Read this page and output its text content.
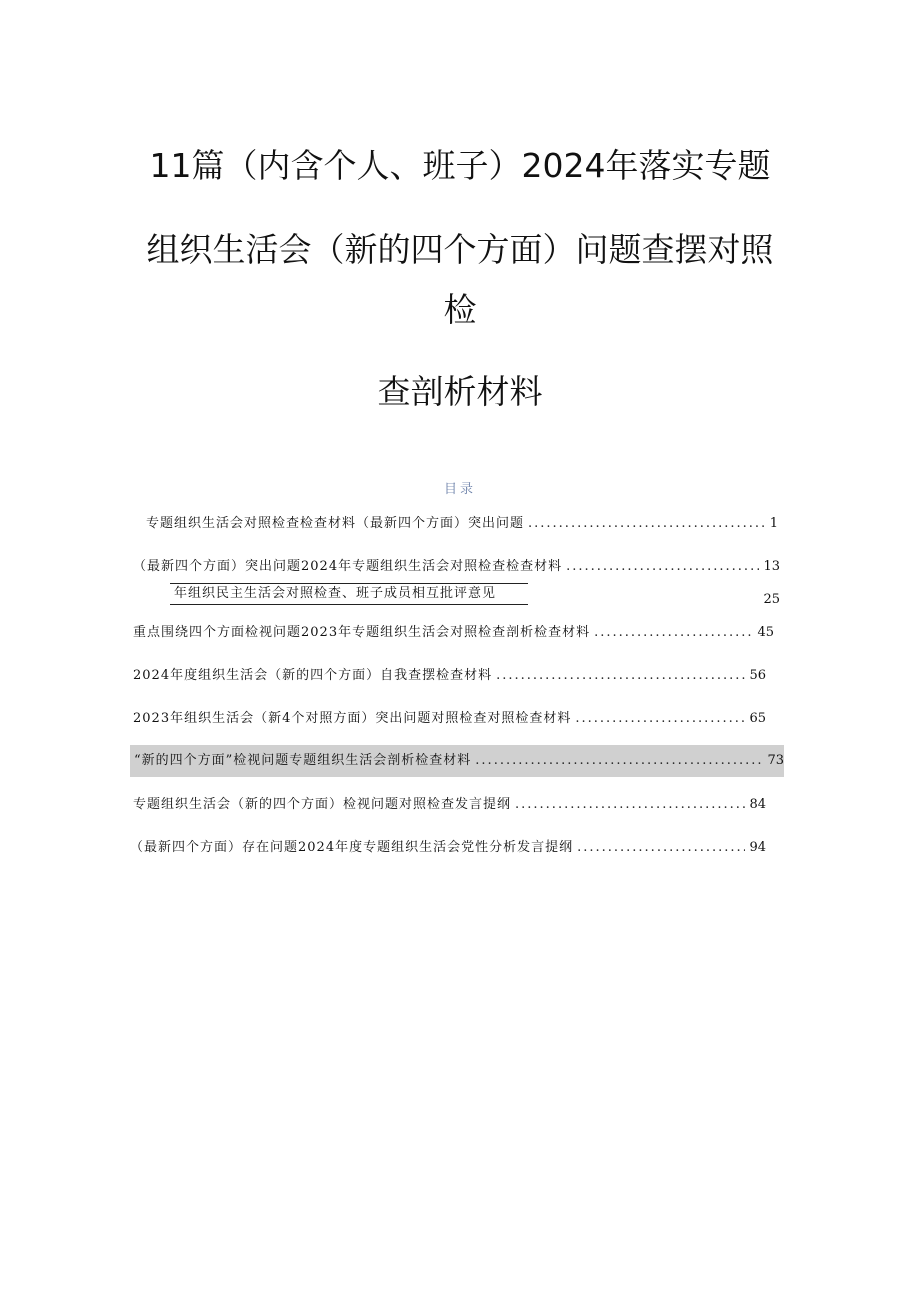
11篇（内含个人、班子）2024年落实专题
组织生活会（新的四个方面）问题查摆对照
检
查剖析材料
目录
专题组织生活会对照检查检查材料（最新四个方面）突出问题 .....	1
（最新四个方面）突出问题2024年专题组织生活会对照检查检查材料 .....	13
年组织民主生活会对照检查、班子成员相互批评意见	25
重点围绕四个方面检视问题2023年专题组织生活会对照检查剖析检查材料 .....	45
2024年度组织生活会（新的四个方面）自我查摆检查材料 .....	56
2023年组织生活会（新4个对照方面）突出问题对照检查对照检查材料 .....	65
“新的四个方面”检视问题专题组织生活会剖析检查材料 .....	73
专题组织生活会（新的四个方面）检视问题对照检查发言提纲 .....	84
（最新四个方面）存在问题2024年度专题组织生活会党性分析发言提纲 .....	94
